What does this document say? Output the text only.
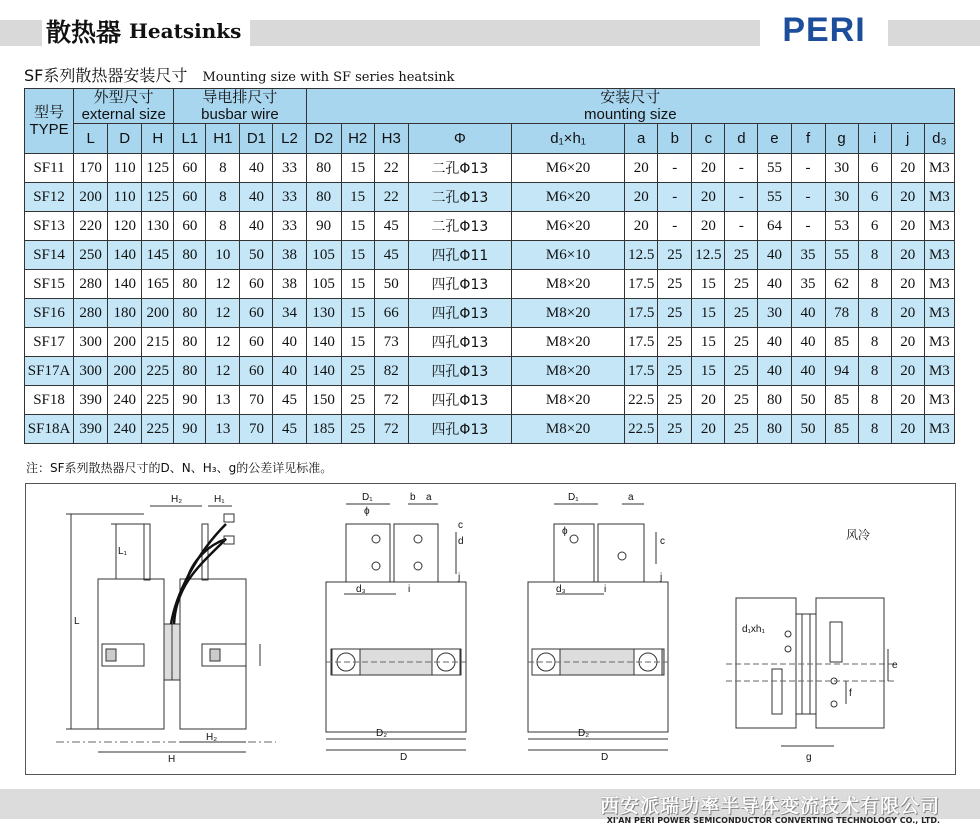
散热器 Heatsinks	PERI
SF系列散热器安装尺寸 Mounting size with SF series heatsink
型号
TYPE	外型尺寸
external size			导电排尺寸
busbar wire				安装尺寸
mounting size														
	L	D	H	L1	H1	D1	L2	D2	H2	H3	Φ	d₁×h₁	a	b	c	d	e	f	g	i	j	d₃
SF11	170	110	125	60	8	40	33	80	15	22	二孔Φ13	M6×20	20	-	20	-	55	-	30	6	20	M3
SF12	200	110	125	60	8	40	33	80	15	22	二孔Φ13	M6×20	20	-	20	-	55	-	30	6	20	M3
SF13	220	120	130	60	8	40	33	90	15	45	二孔Φ13	M6×20	20	-	20	-	64	-	53	6	20	M3
SF14	250	140	145	80	10	50	38	105	15	45	四孔Φ11	M6×10	12.5	25	12.5	25	40	35	55	8	20	M3
SF15	280	140	165	80	12	60	38	105	15	50	四孔Φ13	M8×20	17.5	25	15	25	40	35	62	8	20	M3
SF16	280	180	200	80	12	60	34	130	15	66	四孔Φ13	M8×20	17.5	25	15	25	30	40	78	8	20	M3
SF17	300	200	215	80	12	60	40	140	15	73	四孔Φ13	M8×20	17.5	25	15	25	40	40	85	8	20	M3
SF17A	300	200	225	80	12	60	40	140	25	82	四孔Φ13	M8×20	17.5	25	15	25	40	40	94	8	20	M3
SF18	390	240	225	90	13	70	45	150	25	72	四孔Φ13	M8×20	22.5	25	20	25	80	50	85	8	20	M3
SF18A	390	240	225	90	13	70	45	185	25	72	四孔Φ13	M8×20	22.5	25	20	25	80	50	85	8	20	M3
注：SF系列散热器尺寸的D、N、H₃、g的公差详见标准。
H₂	H₁
L₁
L
H₂
H
D₁	b a
ϕ
d
c
j
d₃	i
D₂
D
D₁	a
ϕ
c
j
d₃	i
D₂
D
风冷
d₁xh₁
e
f
g
西安派瑞功率半导体变流技术有限公司
XI'AN PERI POWER SEMICONDUCTOR CONVERTING TECHNOLOGY CO., LTD.
